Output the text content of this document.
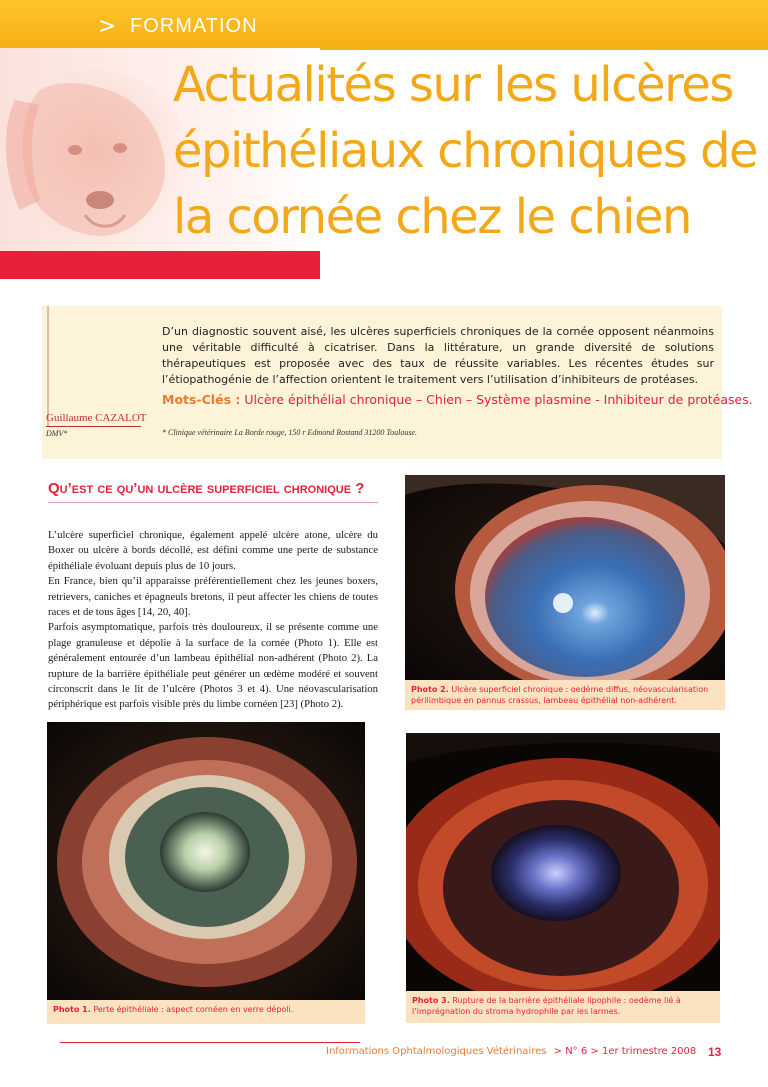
> FORMATION
Actualités sur les ulcères
épithéliaux chroniques de
la cornée chez le chien
D’un diagnostic souvent aisé, les ulcères superficiels chroniques de la cornée opposent néanmoins une véritable difficulté à cicatriser. Dans la littérature, un grande diversité de solutions thérapeutiques est proposée avec des taux de réussite variables. Les récentes études sur l’étiopathogénie de l’affection orientent le traitement vers l’utilisation d’inhibiteurs de protéases.
Mots-Clés : Ulcère épithélial chronique – Chien – Système plasmine - Inhibiteur de protéases.
* Clinique vétérinaire La Borde rouge, 150 r Edmond Rostand 31200 Toulouse.
Guillaume CAZALOT
DMV*
Qu’est ce qu’un ulcère superficiel chronique ?

L’ulcère superficiel chronique, également appelé ulcère atone, ulcère du Boxer ou ulcère à bords décollé, est défini comme une perte de substance épithéliale évoluant depuis plus de 10 jours.

En France, bien qu’il apparaisse préférentiellement chez les jeunes boxers, retrievers, caniches et épagneuls bretons, il peut affecter les chiens de toutes races et de tous âges [14, 20, 40].

Parfois asymptomatique, parfois très douloureux, il se présente comme une plage granuleuse et dépolie à la surface de la cornée (Photo 1). Elle est généralement entourée d’un lambeau épithélial non-adhérent (Photo 2). La rupture de la barrière épithéliale peut générer un œdème modéré et souvent circonscrit dans le lit de l’ulcère (Photos 3 et 4). Une néovascularisation périphérique est parfois visible près du limbe cornéen [23] (Photo 2).

Photo 2. Ulcère superficiel chronique : oedème diffus, néovascularisation périlimbique en pannus crassus, lambeau épithélial non-adhérent.
Photo 1. Perte épithéliale : aspect cornéen en verre dépoli.
Photo 3. Rupture de la barrière épithéliale lipophile : oedème lié à l’imprégnation du stroma hydrophile par les larmes.
Informations Ophtalmologiques Vétérinaires > N° 6 > 1er trimestre 2008 13
